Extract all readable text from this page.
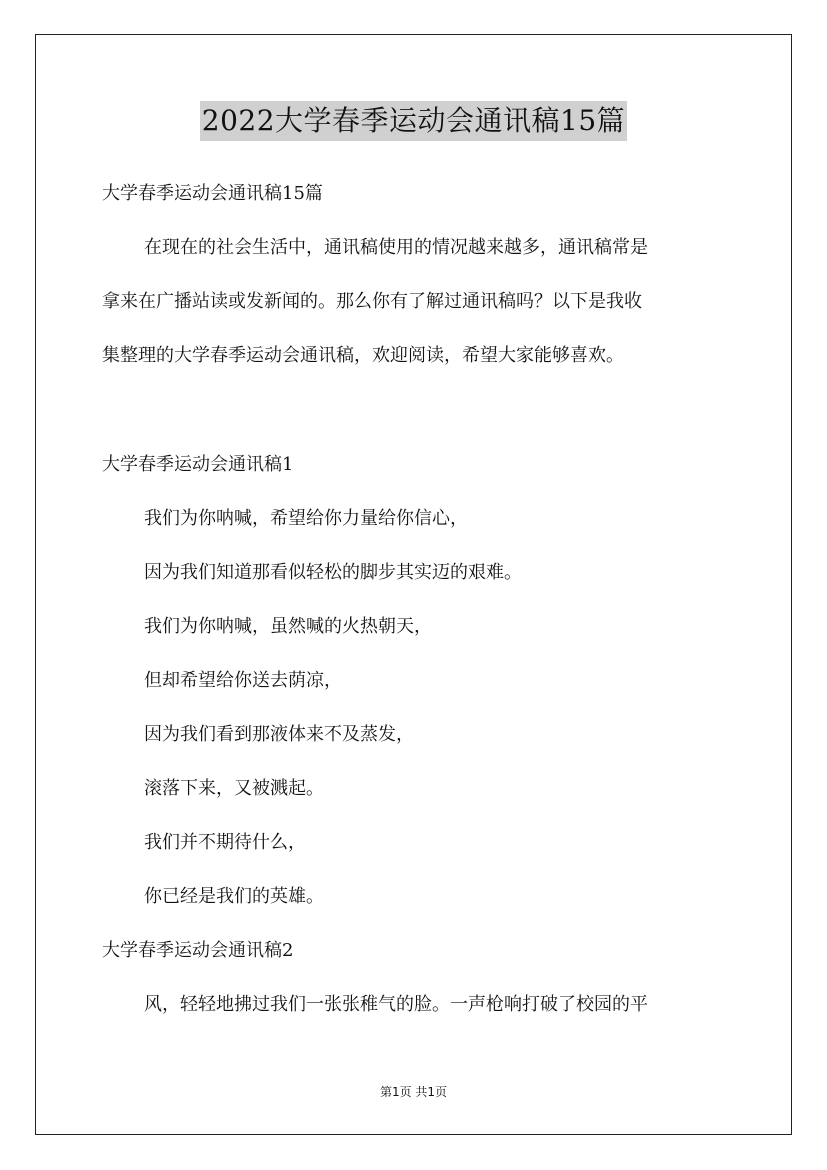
2022大学春季运动会通讯稿15篇
大学春季运动会通讯稿15篇
在现在的社会生活中，通讯稿使用的情况越来越多，通讯稿常是
拿来在广播站读或发新闻的。那么你有了解过通讯稿吗？以下是我收
集整理的大学春季运动会通讯稿，欢迎阅读，希望大家能够喜欢。
大学春季运动会通讯稿1
我们为你呐喊，希望给你力量给你信心，
因为我们知道那看似轻松的脚步其实迈的艰难。
我们为你呐喊，虽然喊的火热朝天，
但却希望给你送去荫凉，
因为我们看到那液体来不及蒸发，
滚落下来，又被溅起。
我们并不期待什么，
你已经是我们的英雄。
大学春季运动会通讯稿2
风，轻轻地拂过我们一张张稚气的脸。一声枪响打破了校园的平
第1页 共1页
